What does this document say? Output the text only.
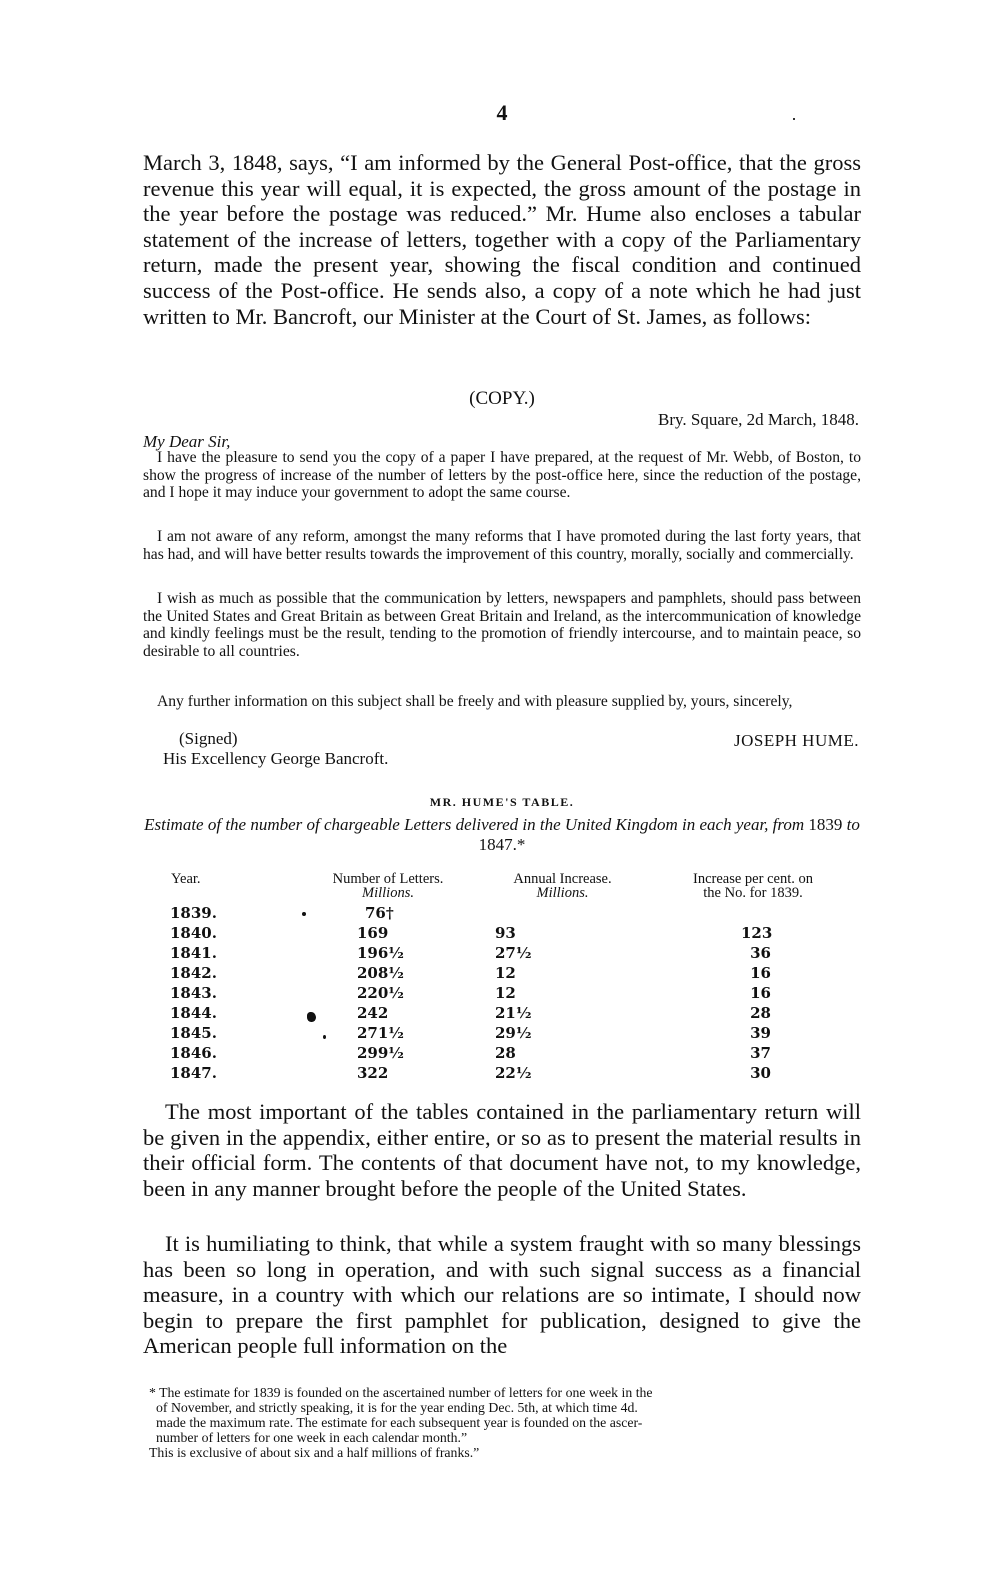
4

March 3, 1848, says, “I am informed by the General Post-office, that the gross revenue this year will equal, it is expected, the gross amount of the postage in the year before the postage was reduced.” Mr. Hume also encloses a tabular statement of the increase of letters, together with a copy of the Parliamentary return, made the present year, showing the fiscal condition and continued success of the Post-office. He sends also, a copy of a note which he had just written to Mr. Bancroft, our Minister at the Court of St. James, as follows:

(COPY.)
Bry. Square, 2d March, 1848.
My Dear Sir,

I have the pleasure to send you the copy of a paper I have prepared, at the request of Mr. Webb, of Boston, to show the progress of increase of the number of letters by the post-office here, since the reduction of the postage, and I hope it may induce your government to adopt the same course.

I am not aware of any reform, amongst the many reforms that I have promoted during the last forty years, that has had, and will have better results towards the improvement of this country, morally, socially and commercially.

I wish as much as possible that the communication by letters, newspapers and pamphlets, should pass between the United States and Great Britain as between Great Britain and Ireland, as the intercommunication of knowledge and kindly feelings must be the result, tending to the promotion of friendly intercourse, and to maintain peace, so desirable to all countries.

Any further information on this subject shall be freely and with pleasure supplied by, yours, sincerely,

(Signed)	JOSEPH HUME.
His Excellency George Bancroft.
MR. HUME'S TABLE.
Estimate of the number of chargeable Letters delivered in the United Kingdom in each year, from 1839 to 1847.*
Year.	Number of Letters.
Millions.
Annual Increase.
Millions.
Increase per cent. on
the No. for 1839.
1839.	76†
1840.	169	93	123
1841.	196½	27½	36
1842.	208½	12	16
1843.	220½	12	16
1844.	242	21½	28
1845.	271½	29½	39
1846.	299½	28	37
1847.	322	22½	30

The most important of the tables contained in the parliamentary return will be given in the appendix, either entire, or so as to present the material results in their official form. The contents of that document have not, to my knowledge, been in any manner brought before the people of the United States.

It is humiliating to think, that while a system fraught with so many blessings has been so long in operation, and with such signal success as a financial measure, in a country with which our relations are so intimate, I should now begin to prepare the first pamphlet for publication, designed to give the American people full information on the

* The estimate for 1839 is founded on the ascertained number of letters for one week in the
of November, and strictly speaking, it is for the year ending Dec. 5th, at which time 4d.
made the maximum rate. The estimate for each subsequent year is founded on the ascer-
number of letters for one week in each calendar month.”
This is exclusive of about six and a half millions of franks.”
